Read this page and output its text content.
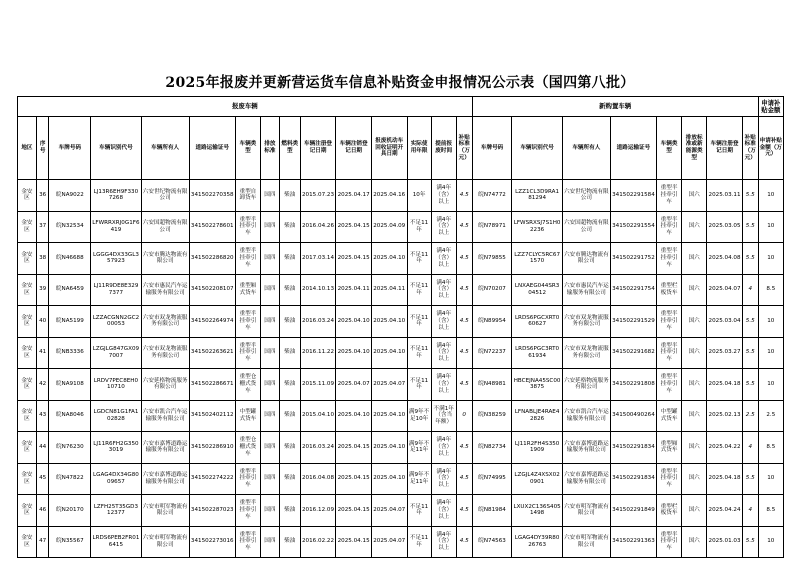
2025年报废并更新营运货车信息补贴资金申报情况公示表（国四第八批）
报废车辆															新购置车辆								申请补贴金额
地区	序号	车牌号码	车辆识别代号	车辆所有人	道路运输证号	车辆类型	排放标准	燃料类型	车辆注册登记日期	车辆注销登记日期	报废机动车回收证明开具日期	实际使用年限	提前报废时间	补贴标准（万元）	车牌号码	车辆识别代号	车辆所有人	道路运输证号	车辆类型	排放标准或新能源类型	车辆注册登记日期	补贴标准（万元）	申请补贴金额（万元）
金安区	36	皖NA9022	LJ13R6EH9F3307268	六安世纪物流有限公司	341502270358	重型自卸货车	国四	柴油	2015.07.23	2025.04.17	2025.04.16	10年	满4年（含）以上	4.5	皖N74772	LZZ1CL3D9RA181294	六安世纪物流有限公司	341502291584	重型半挂牵引车	国六	2025.03.11	5.5	10
金安区	37	皖N32534	LFWRRXRJ0G1F6419	六安国超物流有限公司	341502278601	重型半挂牵引车	国四	柴油	2016.04.26	2025.04.15	2025.04.09	不足11年	满4年（含）以上	4.5	皖N78971	LFWSRXSJ7S1H02236	六安国超物流有限公司	341502291554	重型半挂牵引车	国六	2025.03.05	5.5	10
金安区	38	皖N46688	LGGG4DX33GL357923	六安市腾达物流有限公司	341502286820	重型半挂牵引车	国四	柴油	2017.03.14	2025.04.15	2025.04.10	不足11年	满4年（含）以上	4.5	皖N79855	LZZ7CLYC5RC671570	六安市腾达物流有限公司	341502291752	重型半挂牵引车	国六	2025.04.08	5.5	10
金安区	39	皖NA6459	LJ11R9DE8E3297377	六安市惠民汽车运输服务有限公司	341502208107	重型厢式货车	国四	柴油	2014.10.13	2025.04.11	2025.04.11	不足11年	满4年（含）以上	4.5	皖N70207	LNXAEG044SR304512	六安市惠民汽车运输服务有限公司	341502291754	重型栏板货车	国六	2025.04.07	4	8.5
金安区	40	皖NA5199	LZZACGNN2GC200053	六安市双龙物流服务有限公司	341502264974	重型半挂牵引车	国四	柴油	2016.03.24	2025.04.10	2025.04.10	不足11年	满4年（含）以上	4.5	皖N89954	LRDS6PGCXRT060627	六安市双龙物流服务有限公司	341502291529	重型半挂牵引车	国六	2025.03.04	5.5	10
金安区	41	皖NB3336	LZGJLG847GX097007	六安市双龙物流服务有限公司	341502263621	重型半挂牵引车	国四	柴油	2016.11.22	2025.04.10	2025.04.10	不足11年	满4年（含）以上	4.5	皖N72237	LRDS6PGC3RT061934	六安市双龙物流服务有限公司	341502291682	重型半挂牵引车	国六	2025.03.27	5.5	10
金安区	42	皖NA9108	LRDV7PEC8EH010710	六安延格物流服务有限公司	341502286671	重型仓栅式货车	国四	柴油	2015.11.09	2025.04.07	2025.04.07	不足11年	满4年（含）以上	4.5	皖N48981	HBCEJNA45SC003875	六安延格物流服务有限公司	341502291808	重型半挂牵引车	国六	2025.04.18	5.5	10
金安区	43	皖NA8046	LGDCN81G1FA102828	六安市凯合汽车运输服务有限公司	341502402112	中型罐式货车	国四	柴油	2015.04.10	2025.04.10	2025.04.10	满9年不足10年	不满1年（含当年额）	0	皖N38259	LFNABLJE4RAE42826	六安市凯合汽车运输服务有限公司	341500490264	中型罐式货车	国六	2025.02.13	2.5	2.5
金安区	44	皖N76230	LJ11R6FH2G3503019	六安市嘉博道路运输服务有限公司	341502286910	重型仓栅式货车	国四	柴油	2016.03.24	2025.04.15	2025.04.10	满9年不足11年	满4年（含）以上	4.5	皖N82734	LJ11R2FH4S3501909	六安市嘉博道路运输服务有限公司	341502291834	重型厢式货车	国六	2025.04.22	4	8.5
金安区	45	皖N47822	LGAG4DX34G8009657	六安市嘉博道路运输服务有限公司	341502274222	重型半挂牵引车	国四	柴油	2016.04.08	2025.04.15	2025.04.10	满9年不足11年	满4年（含）以上	4.5	皖N74995	LZGJL4Z4XSX020901	六安市嘉博道路运输服务有限公司	341502291834	重型半挂牵引车	国六	2025.04.18	5.5	10
金安区	46	皖N20170	LZFH25T35GD312377	六安市明军物流有限公司	341502287023	重型半挂牵引车	国四	柴油	2016.12.09	2025.04.15	2025.04.07	不足11年	满4年（含）以上	4.5	皖N81984	LXUX2C136S4051498	六安市明军物流有限公司	341502291849	重型栏板货车	国六	2025.04.24	4	8.5
金安区	47	皖N35567	LRDS6PEB2FR016415	六安市明军物流有限公司	341502273016	重型半挂牵引车	国四	柴油	2016.02.22	2025.04.15	2025.04.07	不足11年	满4年（含）以上	4.5	皖N74563	LGAG4DY39R8026763	六安市明军物流有限公司	341502291363	重型半挂牵引车	国六	2025.01.03	5.5	10
